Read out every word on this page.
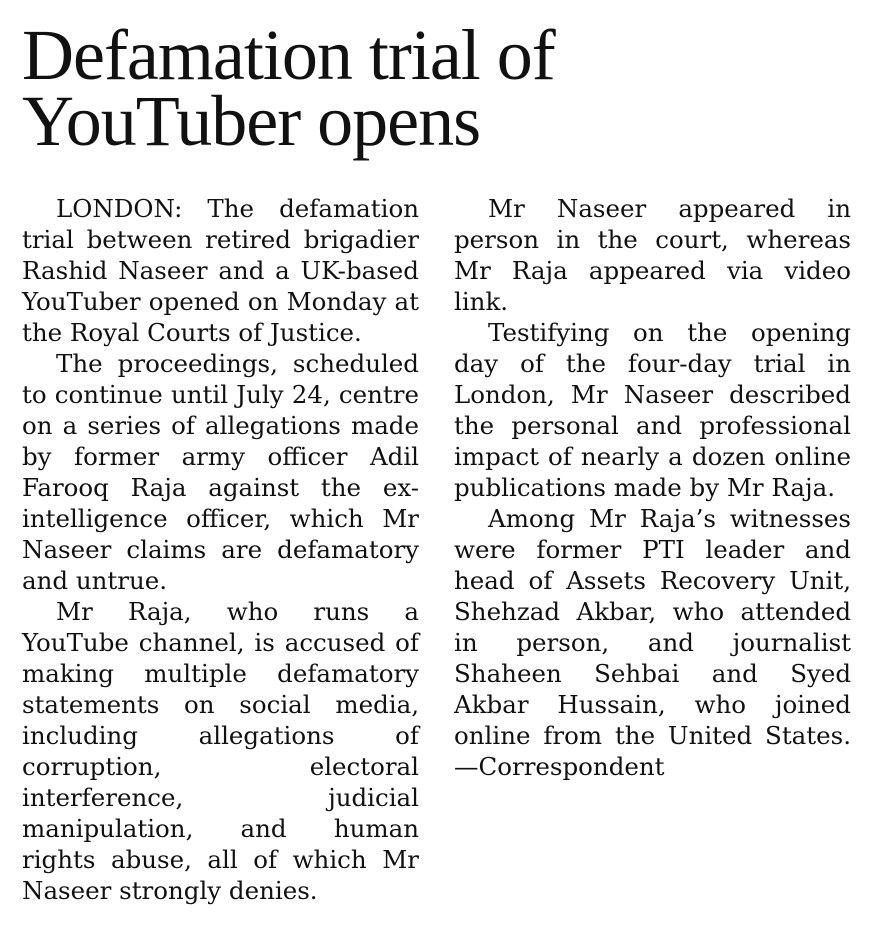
Defamation trial of
YouTuber opens

LONDON: The defamation trial between retired brigadier Rashid Naseer and a UK-based YouTuber opened on Monday at the Royal Courts of Justice.

The proceedings, scheduled to continue until July 24, centre on a series of allegations made by former army officer Adil Farooq Raja against the ex-intelligence officer, which Mr Naseer claims are defamatory and untrue.

Mr Raja, who runs a YouTube channel, is accused of making multiple defamatory statements on social media, including allegations of corruption, electoral interference, judicial manipulation, and human rights abuse, all of which Mr Naseer strongly denies.

Mr Naseer appeared in person in the court, whereas Mr Raja appeared via video link.

Testifying on the opening day of the four-day trial in London, Mr Naseer described the personal and professional impact of nearly a dozen online publications made by Mr Raja.

Among Mr Raja’s witnesses were former PTI leader and head of Assets Recovery Unit, Shehzad Akbar, who attended in person, and journalist Shaheen Sehbai and Syed Akbar Hussain, who joined online from the United States.—Correspondent
